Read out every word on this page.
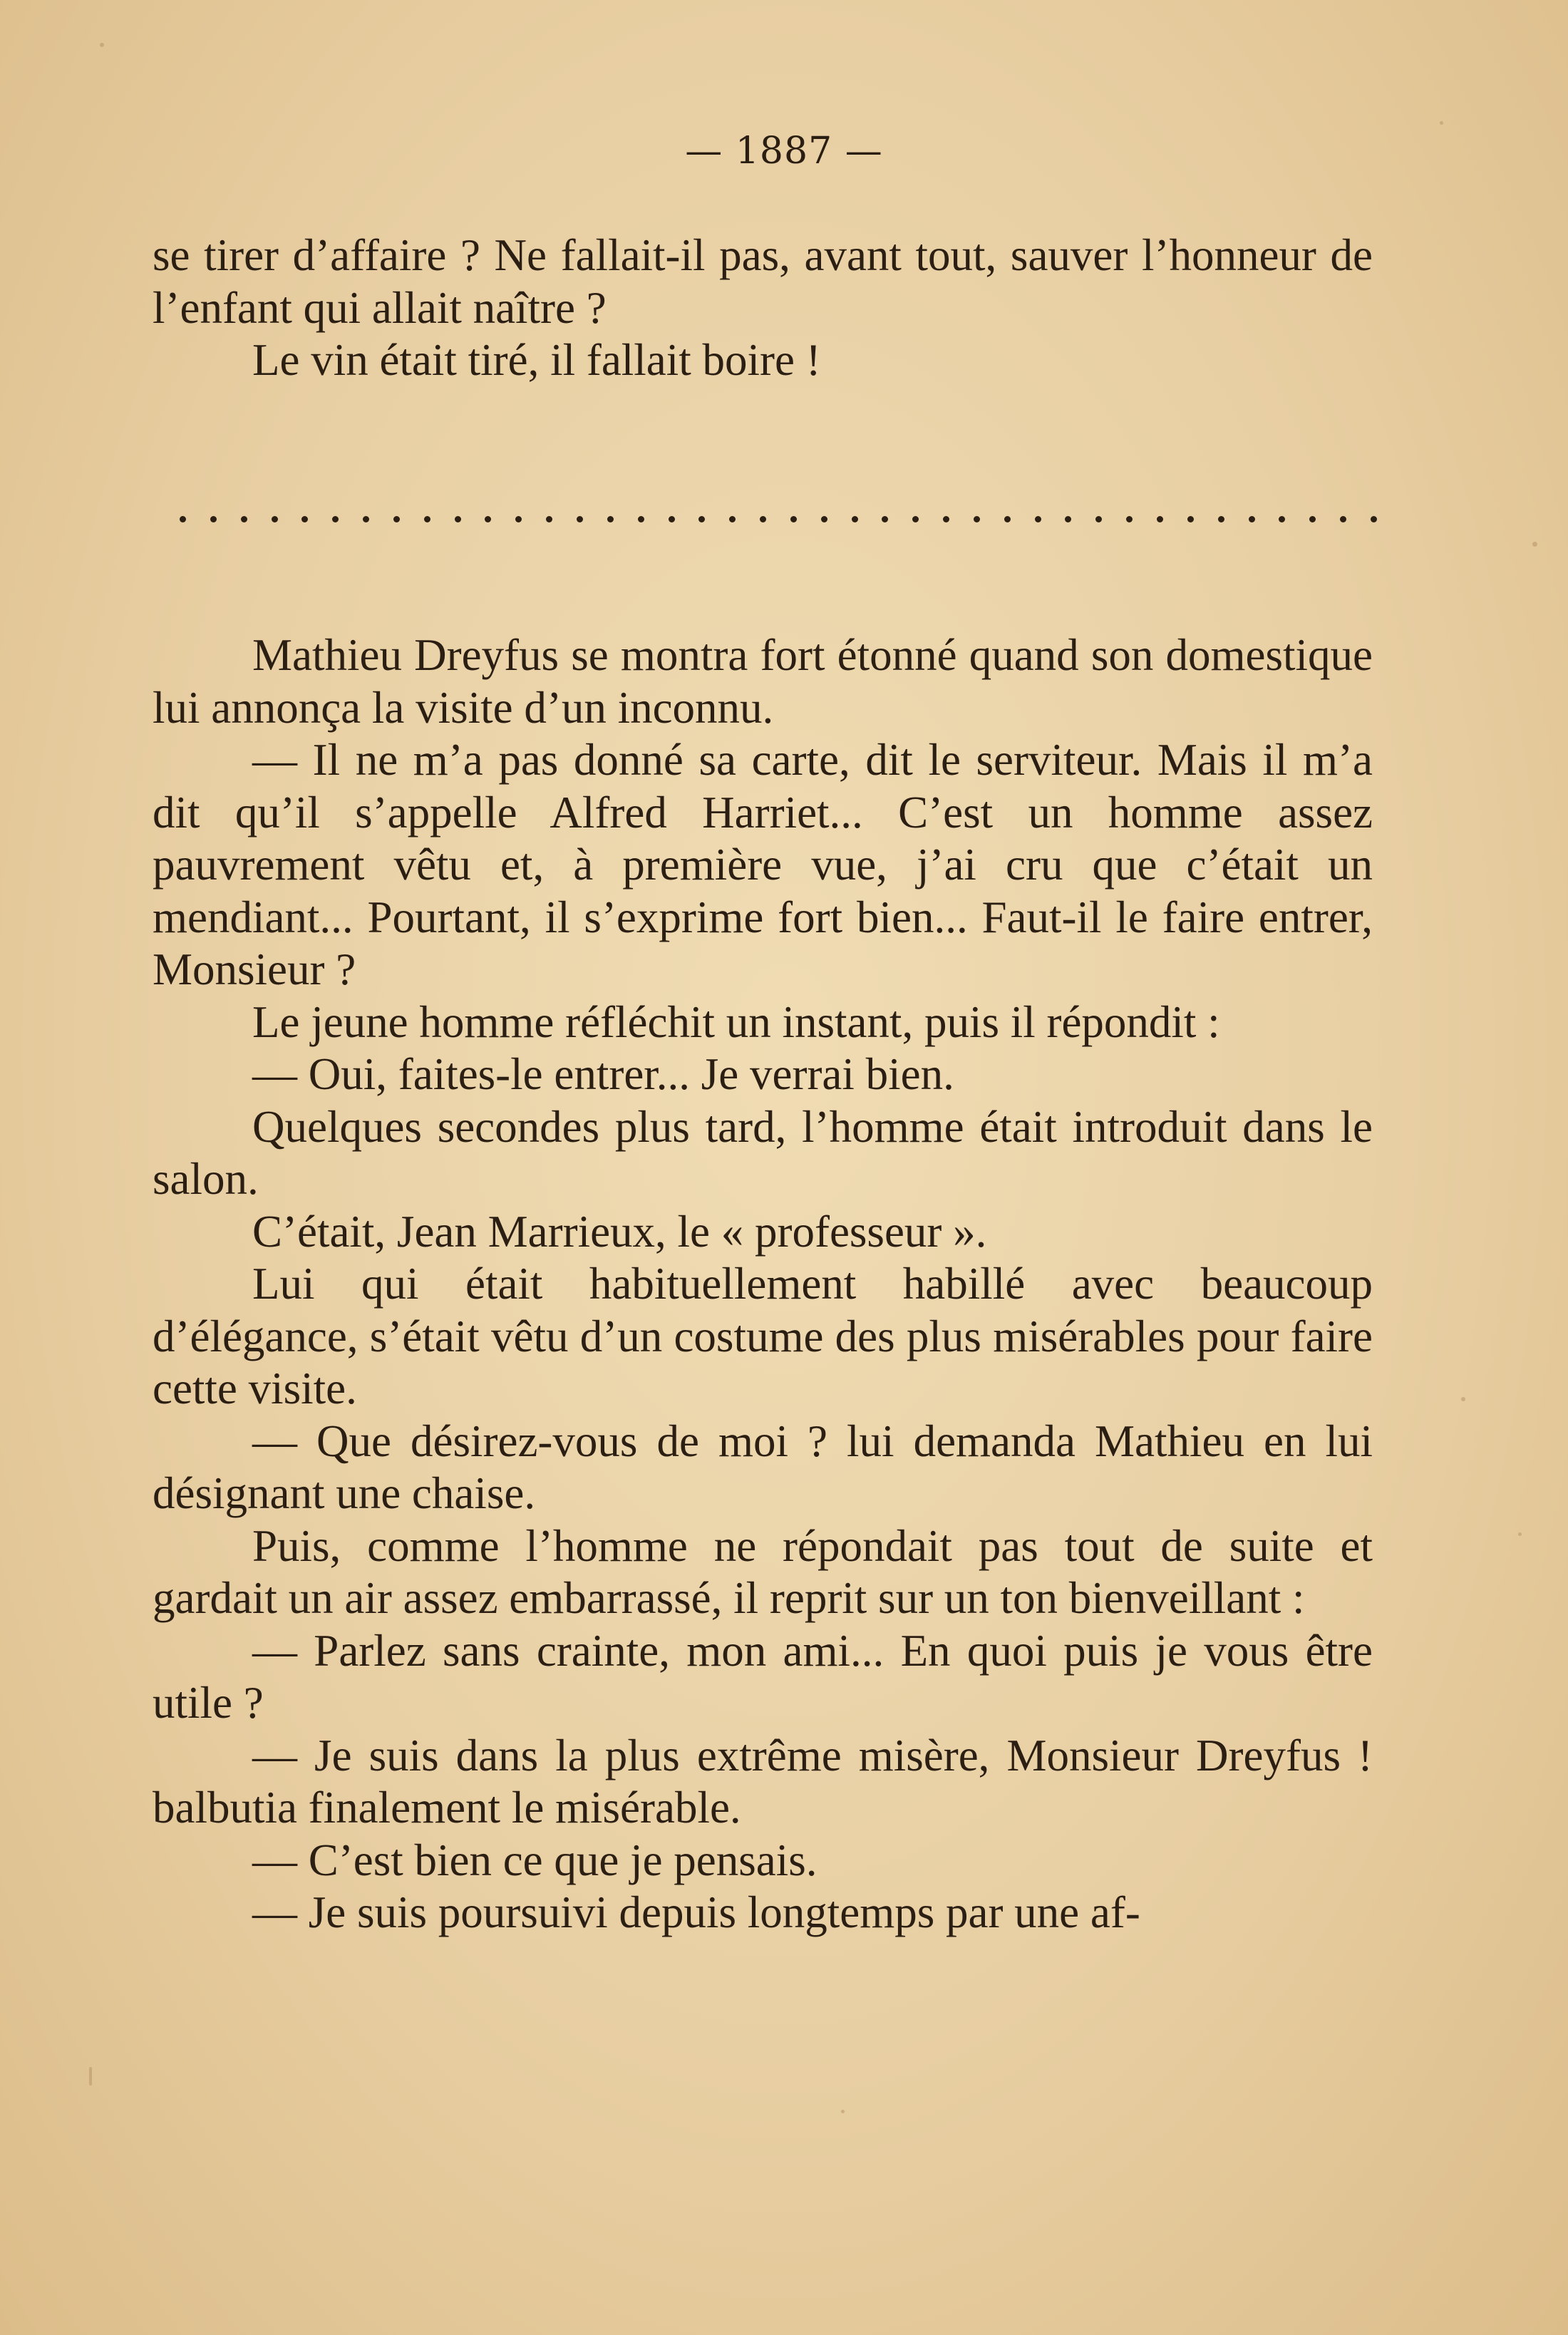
— 1887 —

se tirer d’affaire ? Ne fallait-il pas, avant tout, sauver l’honneur de l’enfant qui allait naître ?

Le vin était tiré, il fallait boire !

Mathieu Dreyfus se montra fort étonné quand son domestique lui annonça la visite d’un inconnu.

— Il ne m’a pas donné sa carte, dit le serviteur. Mais il m’a dit qu’il s’appelle Alfred Harriet... C’est un homme assez pauvrement vêtu et, à première vue, j’ai cru que c’était un mendiant... Pourtant, il s’exprime fort bien... Faut-il le faire entrer, Monsieur ?

Le jeune homme réfléchit un instant, puis il répondit :

— Oui, faites-le entrer... Je verrai bien.

Quelques secondes plus tard, l’homme était introduit dans le salon.

C’était, Jean Marrieux, le « professeur ».

Lui qui était habituellement habillé avec beaucoup d’élégance, s’était vêtu d’un costume des plus misérables pour faire cette visite.

— Que désirez-vous de moi ? lui demanda Mathieu en lui désignant une chaise.

Puis, comme l’homme ne répondait pas tout de suite et gardait un air assez embarrassé, il reprit sur un ton bienveillant :

— Parlez sans crainte, mon ami... En quoi puis je vous être utile ?

— Je suis dans la plus extrême misère, Monsieur Dreyfus ! balbutia finalement le misérable.

— C’est bien ce que je pensais.

— Je suis poursuivi depuis longtemps par une af-
